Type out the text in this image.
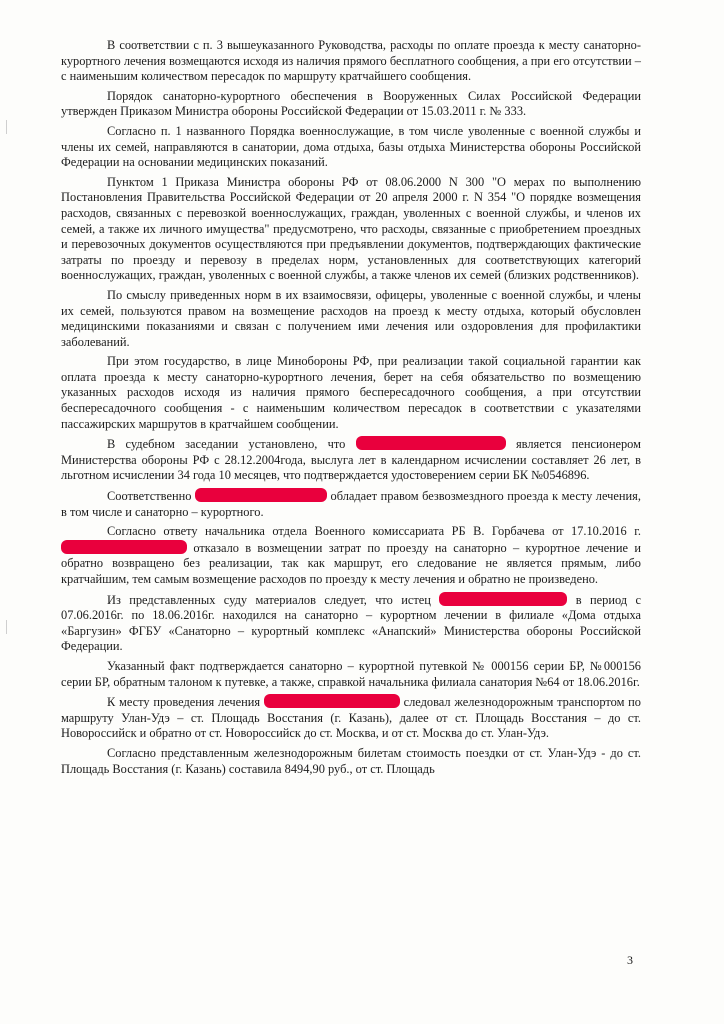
В соответствии с п. 3 вышеуказанного Руководства, расходы по оплате проезда к месту санаторно-курортного лечения возмещаются исходя из наличия прямого бесплатного сообщения, а при его отсутствии – с наименьшим количеством пересадок по маршруту кратчайшего сообщения.

Порядок санаторно-курортного обеспечения в Вооруженных Силах Российской Федерации утвержден Приказом Министра обороны Российской Федерации от 15.03.2011 г. № 333.

Согласно п. 1 названного Порядка военнослужащие, в том числе уволенные с военной службы и члены их семей, направляются в санатории, дома отдыха, базы отдыха Министерства обороны Российской Федерации на основании медицинских показаний.

Пунктом 1 Приказа Министра обороны РФ от 08.06.2000 N 300 "О мерах по выполнению Постановления Правительства Российской Федерации от 20 апреля 2000 г. N 354 "О порядке возмещения расходов, связанных с перевозкой военнослужащих, граждан, уволенных с военной службы, и членов их семей, а также их личного имущества" предусмотрено, что расходы, связанные с приобретением проездных и перевозочных документов осуществляются при предъявлении документов, подтверждающих фактические затраты по проезду и перевозу в пределах норм, установленных для соответствующих категорий военнослужащих, граждан, уволенных с военной службы, а также членов их семей (близких родственников).

По смыслу приведенных норм в их взаимосвязи, офицеры, уволенные с военной службы, и члены их семей, пользуются правом на возмещение расходов на проезд к месту отдыха, который обусловлен медицинскими показаниями и связан с получением ими лечения или оздоровления для профилактики заболеваний.

При этом государство, в лице Минобороны РФ, при реализации такой социальной гарантии как оплата проезда к месту санаторно-курортного лечения, берет на себя обязательство по возмещению указанных расходов исходя из наличия прямого беспересадочного сообщения, а при отсутствии беспересадочного сообщения - с наименьшим количеством пересадок в соответствии с указателями пассажирских маршрутов в кратчайшем сообщении.

В судебном заседании установлено, что	является пенсионером Министерства обороны РФ с 28.12.2004года, выслуга лет в календарном исчислении составляет 26 лет, в льготном исчислении 34 года 10 месяцев, что подтверждается удостоверением серии БК №0546896.

Соответственно	обладает правом безвозмездного проезда к месту лечения, в том числе и санаторно – курортного.

Согласно ответу начальника отдела Военного комиссариата РБ В. Горбачева от 17.10.2016 г.  отказало в возмещении затрат по проезду на санаторно – курортное лечение и обратно возвращено без реализации, так как маршрут, его следование не является прямым, либо кратчайшим, тем самым возмещение расходов по проезду к месту лечения и обратно не произведено.

Из представленных суду материалов следует, что истец	в период с 07.06.2016г. по 18.06.2016г. находился на санаторно – курортном лечении в филиале «Дома отдыха «Баргузин» ФГБУ «Санаторно – курортный комплекс «Анапский» Министерства обороны Российской Федерации.

Указанный факт подтверждается санаторно – курортной путевкой № 000156 серии БР, №000156 серии БР, обратным талоном к путевке, а также, справкой начальника филиала санатория №64 от 18.06.2016г.

К месту проведения лечения	следовал железнодорожным транспортом по маршруту Улан-Удэ – ст. Площадь Восстания (г. Казань), далее от ст. Площадь Восстания – до ст. Новороссийск и обратно от ст. Новороссийск до ст. Москва, и от ст. Москва до ст. Улан-Удэ.

Согласно представленным железнодорожным билетам стоимость поездки от ст. Улан-Удэ - до ст. Площадь Восстания (г. Казань) составила 8494,90 руб., от ст. Площадь

3
